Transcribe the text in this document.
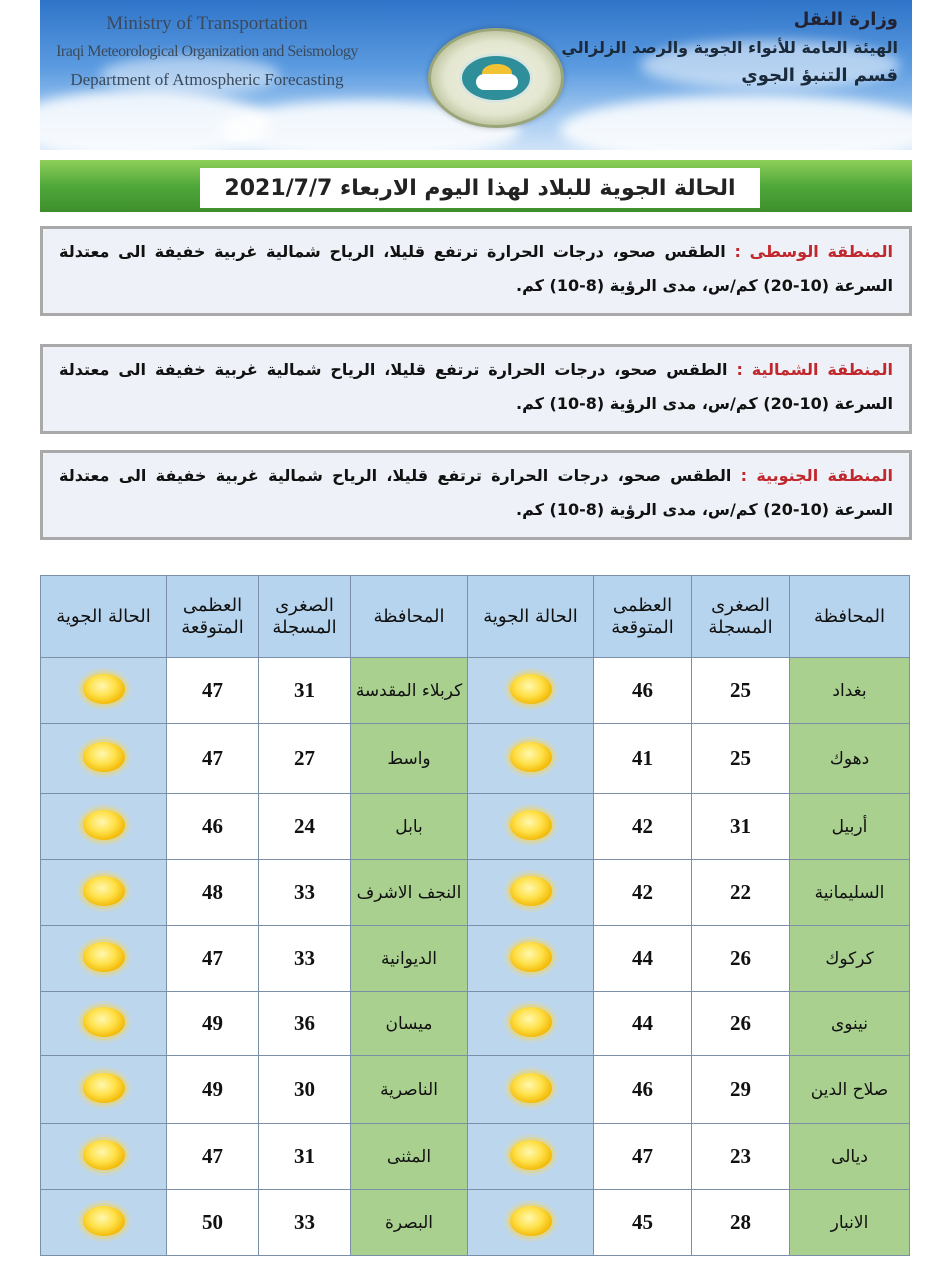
Ministry of Transportation
Iraqi Meteorological Organization and Seismology
Department of Atmospheric Forecasting
وزارة النقل
الهيئة العامة للأنواء الجوية والرصد الزلزالي
قسم التنبؤ الجوي
الحالة الجوية للبلاد لهذا اليوم الاربعاء 2021/7/7
المنطقة الوسطى : الطقس صحو، درجات الحرارة ترتفع قليلا، الرياح شمالية غربية خفيفة الى معتدلة السرعة (10-20) كم/س، مدى الرؤية (8-10) كم.
المنطقة الشمالية : الطقس صحو، درجات الحرارة ترتفع قليلا، الرياح شمالية غربية خفيفة الى معتدلة السرعة (10-20) كم/س، مدى الرؤية (8-10) كم.
المنطقة الجنوبية : الطقس صحو، درجات الحرارة ترتفع قليلا، الرياح شمالية غربية خفيفة الى معتدلة السرعة (10-20) كم/س، مدى الرؤية (8-10) كم.
الحالة الجوية	العظمى المتوقعة	الصغرى المسجلة	المحافظة	الحالة الجوية	العظمى المتوقعة	الصغرى المسجلة	المحافظة
	47	31	كربلاء المقدسة		46	25	بغداد
	47	27	واسط		41	25	دهوك
	46	24	بابل		42	31	أربيل
	48	33	النجف الاشرف		42	22	السليمانية
	47	33	الديوانية		44	26	كركوك
	49	36	ميسان		44	26	نينوى
	49	30	الناصرية		46	29	صلاح الدين
	47	31	المثنى		47	23	ديالى
	50	33	البصرة		45	28	الانبار
